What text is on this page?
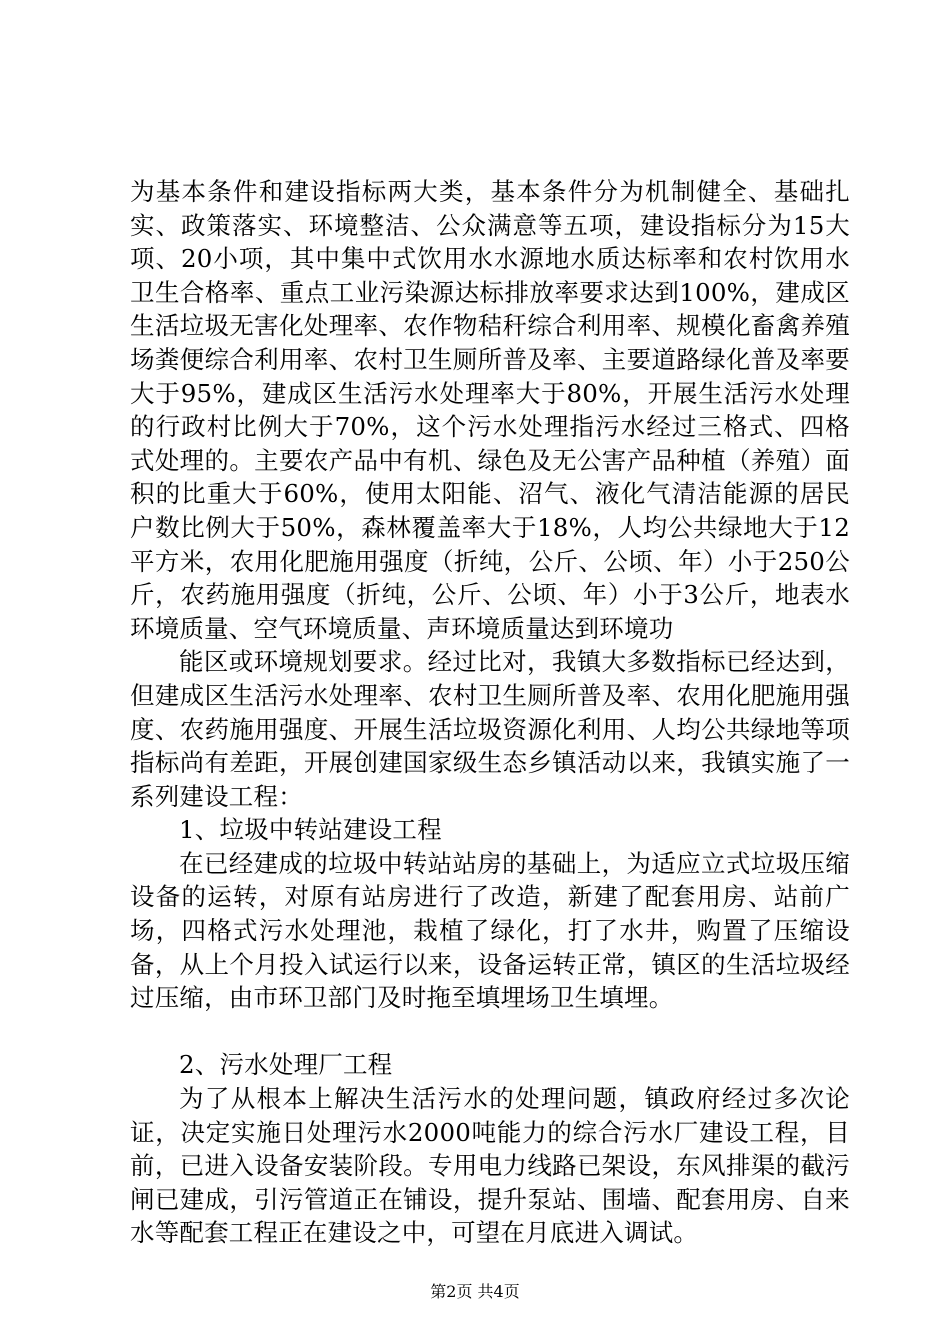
为基本条件和建设指标两大类，基本条件分为机制健全、基础扎实、政策落实、环境整洁、公众满意等五项，建设指标分为15大项、20小项，其中集中式饮用水水源地水质达标率和农村饮用水卫生合格率、重点工业污染源达标排放率要求达到100%，建成区生活垃圾无害化处理率、农作物秸秆综合利用率、规模化畜禽养殖场粪便综合利用率、农村卫生厕所普及率、主要道路绿化普及率要大于95%，建成区生活污水处理率大于80%，开展生活污水处理的行政村比例大于70%，这个污水处理指污水经过三格式、四格式处理的。主要农产品中有机、绿色及无公害产品种植（养殖）面积的比重大于60%，使用太阳能、沼气、液化气清洁能源的居民户数比例大于50%，森林覆盖率大于18%，人均公共绿地大于12平方米，农用化肥施用强度（折纯，公斤、公顷、年）小于250公斤，农药施用强度（折纯，公斤、公顷、年）小于3公斤，地表水环境质量、空气环境质量、声环境质量达到环境功

能区或环境规划要求。经过比对，我镇大多数指标已经达到，但建成区生活污水处理率、农村卫生厕所普及率、农用化肥施用强度、农药施用强度、开展生活垃圾资源化利用、人均公共绿地等项指标尚有差距，开展创建国家级生态乡镇活动以来，我镇实施了一系列建设工程：

1、垃圾中转站建设工程

在已经建成的垃圾中转站站房的基础上，为适应立式垃圾压缩设备的运转，对原有站房进行了改造，新建了配套用房、站前广场，四格式污水处理池，栽植了绿化，打了水井，购置了压缩设备，从上个月投入试运行以来，设备运转正常，镇区的生活垃圾经过压缩，由市环卫部门及时拖至填埋场卫生填埋。

2、污水处理厂工程

为了从根本上解决生活污水的处理问题，镇政府经过多次论证，决定实施日处理污水2000吨能力的综合污水厂建设工程，目前，已进入设备安装阶段。专用电力线路已架设，东风排渠的截污闸已建成，引污管道正在铺设，提升泵站、围墙、配套用房、自来水等配套工程正在建设之中，可望在月底进入调试。

第2页 共4页
